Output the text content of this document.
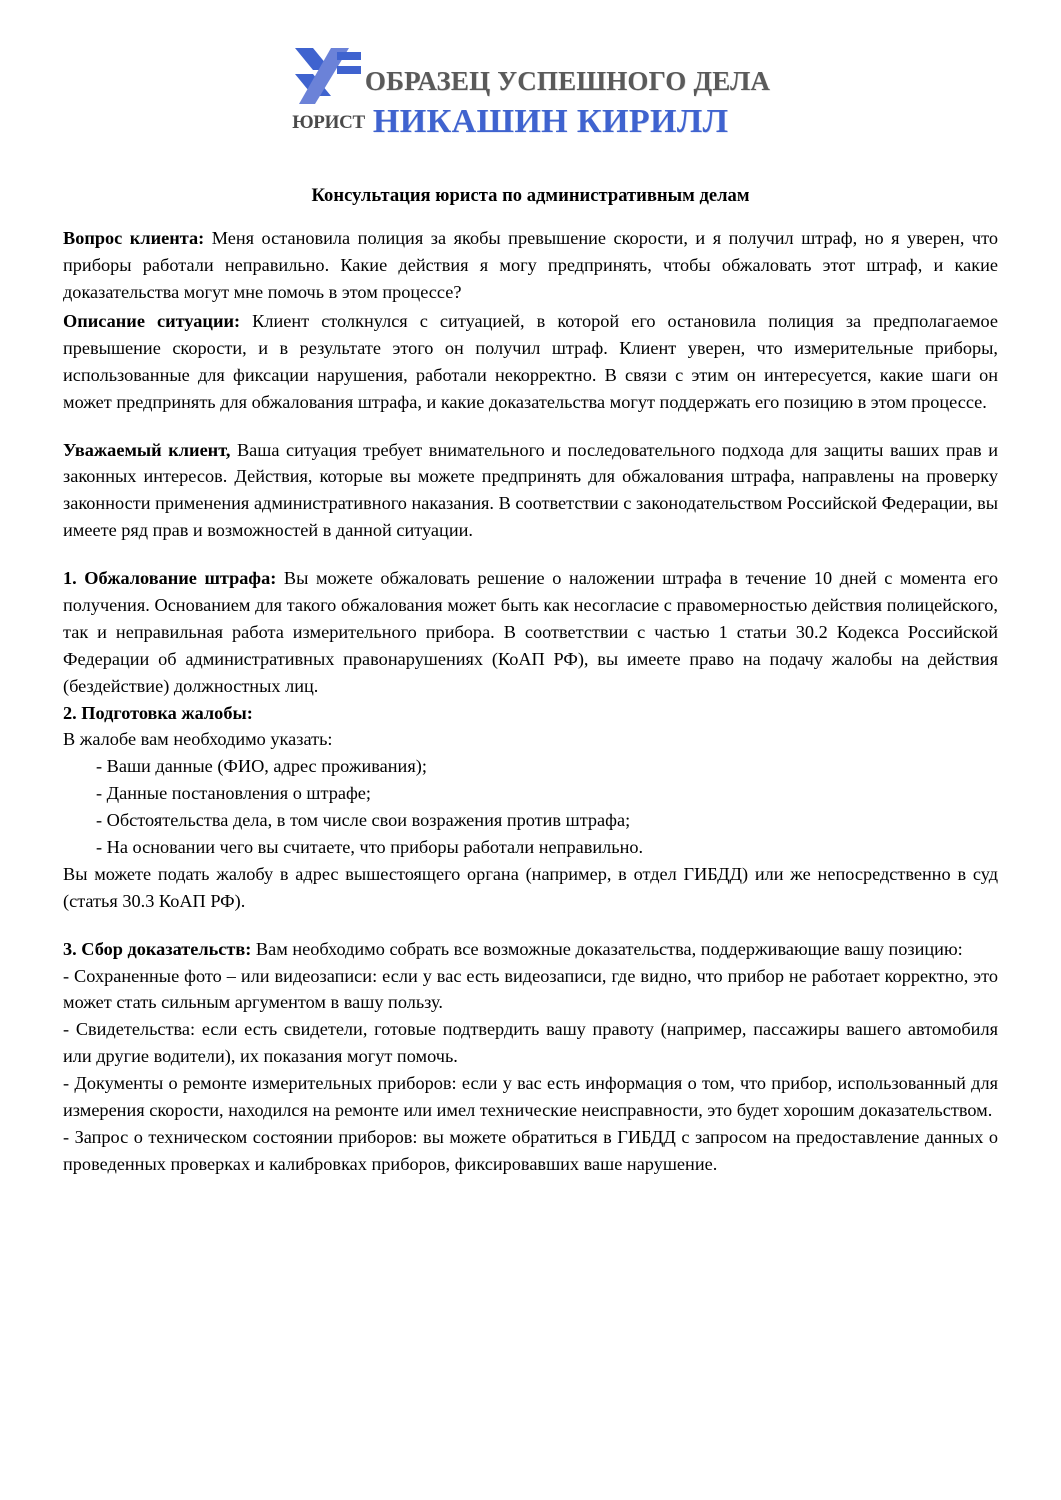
ОБРАЗЕЦ УСПЕШНОГО ДЕЛА
ЮРИСТ НИКАШИН КИРИЛЛ
Консультация юриста по административным делам

Вопрос клиента: Меня остановила полиция за якобы превышение скорости, и я получил штраф, но я уверен, что приборы работали неправильно. Какие действия я могу предпринять, чтобы обжаловать этот штраф, и какие доказательства могут мне помочь в этом процессе?

Описание ситуации: Клиент столкнулся с ситуацией, в которой его остановила полиция за предполагаемое превышение скорости, и в результате этого он получил штраф. Клиент уверен, что измерительные приборы, использованные для фиксации нарушения, работали некорректно. В связи с этим он интересуется, какие шаги он может предпринять для обжалования штрафа, и какие доказательства могут поддержать его позицию в этом процессе.

Уважаемый клиент, Ваша ситуация требует внимательного и последовательного подхода для защиты ваших прав и законных интересов. Действия, которые вы можете предпринять для обжалования штрафа, направлены на проверку законности применения административного наказания. В соответствии с законодательством Российской Федерации, вы имеете ряд прав и возможностей в данной ситуации.

1. Обжалование штрафа: Вы можете обжаловать решение о наложении штрафа в течение 10 дней с момента его получения. Основанием для такого обжалования может быть как несогласие с правомерностью действия полицейского, так и неправильная работа измерительного прибора. В соответствии с частью 1 статьи 30.2 Кодекса Российской Федерации об административных правонарушениях (КоАП РФ), вы имеете право на подачу жалобы на действия (бездействие) должностных лиц.

2. Подготовка жалобы:

В жалобе вам необходимо указать:

- Ваши данные (ФИО, адрес проживания);
- Данные постановления о штрафе;
- Обстоятельства дела, в том числе свои возражения против штрафа;
- На основании чего вы считаете, что приборы работали неправильно.

Вы можете подать жалобу в адрес вышестоящего органа (например, в отдел ГИБДД) или же непосредственно в суд (статья 30.3 КоАП РФ).

3. Сбор доказательств: Вам необходимо собрать все возможные доказательства, поддерживающие вашу позицию:

- Сохраненные фото – или видеозаписи: если у вас есть видеозаписи, где видно, что прибор не работает корректно, это может стать сильным аргументом в вашу пользу.

- Свидетельства: если есть свидетели, готовые подтвердить вашу правоту (например, пассажиры вашего автомобиля или другие водители), их показания могут помочь.

- Документы о ремонте измерительных приборов: если у вас есть информация о том, что прибор, использованный для измерения скорости, находился на ремонте или имел технические неисправности, это будет хорошим доказательством.

- Запрос о техническом состоянии приборов: вы можете обратиться в ГИБДД с запросом на предоставление данных о проведенных проверках и калибровках приборов, фиксировавших ваше нарушение.
